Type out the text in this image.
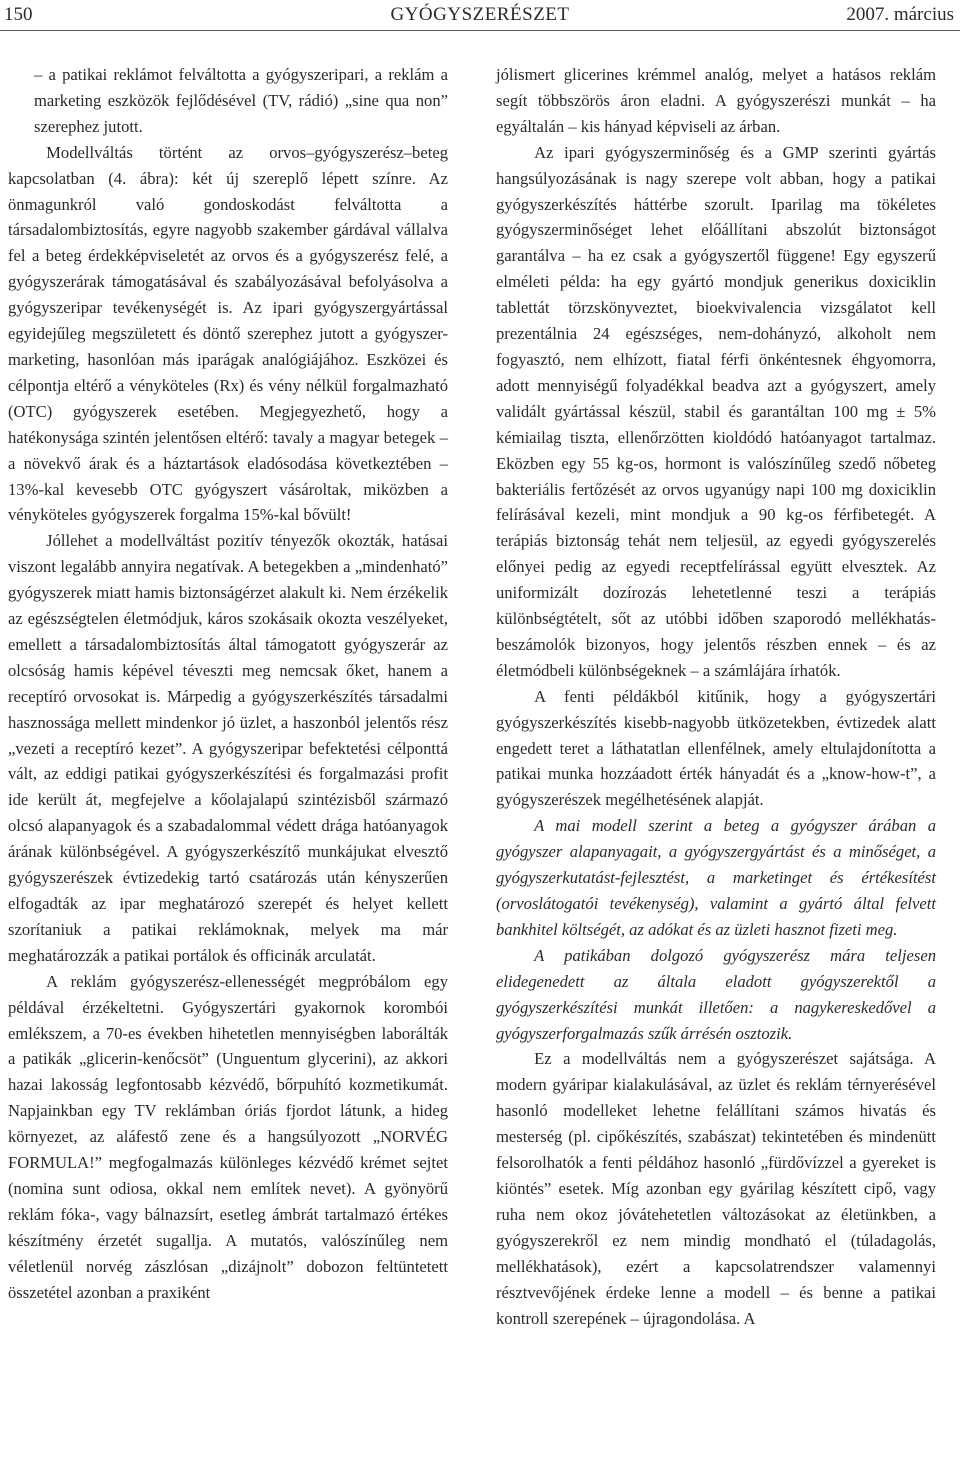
150	GYÓGYSZERÉSZET	2007. március

– a patikai reklámot felváltotta a gyógyszeripari, a reklám a marketing eszközök fejlődésével (TV, rádió) „sine qua non” szerephez jutott.

Modellváltás történt az orvos–gyógyszerész–beteg kapcsolatban (4. ábra): két új szereplő lépett színre. Az önmagunkról való gondoskodást felváltotta a társadalombiztosítás, egyre nagyobb szakember gárdával vállalva fel a beteg érdekképviseletét az orvos és a gyógyszerész felé, a gyógyszerárak támogatásával és szabályozásával befolyásolva a gyógyszeripar tevékenységét is. Az ipari gyógyszergyártással egyidejűleg megszületett és döntő szerephez jutott a gyógyszer-marketing, hasonlóan más iparágak analógiájához. Eszközei és célpontja eltérő a vényköteles (Rx) és vény nélkül forgalmazható (OTC) gyógyszerek esetében. Megjegyezhető, hogy a hatékonysága szintén jelentősen eltérő: tavaly a magyar betegek – a növekvő árak és a háztartások eladósodása következtében – 13%-kal kevesebb OTC gyógyszert vásároltak, miközben a vényköteles gyógyszerek forgalma 15%-kal bővült!

Jóllehet a modellváltást pozitív tényezők okozták, hatásai viszont legalább annyira negatívak. A betegekben a „mindenható” gyógyszerek miatt hamis biztonságérzet alakult ki. Nem érzékelik az egészségtelen életmódjuk, káros szokásaik okozta veszélyeket, emellett a társadalombiztosítás által támogatott gyógyszerár az olcsóság hamis képével téveszti meg nemcsak őket, hanem a receptíró orvosokat is. Márpedig a gyógyszerkészítés társadalmi hasznossága mellett mindenkor jó üzlet, a haszonból jelentős rész „vezeti a receptíró kezet”. A gyógyszeripar befektetési célponttá vált, az eddigi patikai gyógyszerkészítési és forgalmazási profit ide került át, megfejelve a kőolajalapú szintézisből származó olcsó alapanyagok és a szabadalommal védett drága hatóanyagok árának különbségével. A gyógyszerkészítő munkájukat elvesztő gyógyszerészek évtizedekig tartó csatározás után kényszerűen elfogadták az ipar meghatározó szerepét és helyet kellett szorítaniuk a patikai reklámoknak, melyek ma már meghatározzák a patikai portálok és officinák arculatát.

A reklám gyógyszerész-ellenességét megpróbálom egy példával érzékeltetni. Gyógyszertári gyakornok korombói emlékszem, a 70-es években hihetetlen mennyiségben laborálták a patikák „glicerin-kenőcsöt” (Unguentum glycerini), az akkori hazai lakosság legfontosabb kézvédő, bőrpuhító kozmetikumát. Napjainkban egy TV reklámban óriás fjordot látunk, a hideg környezet, az aláfestő zene és a hangsúlyozott „NORVÉG FORMULA!” megfogalmazás különleges kézvédő krémet sejtet (nomina sunt odiosa, okkal nem említek nevet). A gyönyörű reklám fóka-, vagy bálnazsírt, esetleg ámbrát tartalmazó értékes készítmény érzetét sugallja. A mutatós, valószínűleg nem véletlenül norvég zászlósan „dizájnolt” dobozon feltüntetett összetétel azonban a praxiként

jólismert glicerines krémmel analóg, melyet a hatásos reklám segít többszörös áron eladni. A gyógyszerészi munkát – ha egyáltalán – kis hányad képviseli az árban.

Az ipari gyógyszerminőség és a GMP szerinti gyártás hangsúlyozásának is nagy szerepe volt abban, hogy a patikai gyógyszerkészítés háttérbe szorult. Iparilag ma tökéletes gyógyszerminőséget lehet előállítani abszolút biztonságot garantálva – ha ez csak a gyógyszertől függene! Egy egyszerű elméleti példa: ha egy gyártó mondjuk generikus doxiciklin tablettát törzskönyveztet, bioekvivalencia vizsgálatot kell prezentálnia 24 egészséges, nem-dohányzó, alkoholt nem fogyasztó, nem elhízott, fiatal férfi önkéntesnek éhgyomorra, adott mennyiségű folyadékkal beadva azt a gyógyszert, amely validált gyártással készül, stabil és garantáltan 100 mg ± 5% kémiailag tiszta, ellenőrzötten kioldódó hatóanyagot tartalmaz. Eközben egy 55 kg-os, hormont is valószínűleg szedő nőbeteg bakteriális fertőzését az orvos ugyanúgy napi 100 mg doxiciklin felírásával kezeli, mint mondjuk a 90 kg-os férfibetegét. A terápiás biztonság tehát nem teljesül, az egyedi gyógyszerelés előnyei pedig az egyedi receptfelírással együtt elvesztek. Az uniformizált dozírozás lehetetlenné teszi a terápiás különbségtételt, sőt az utóbbi időben szaporodó mellékhatás-beszámolók bizonyos, hogy jelentős részben ennek – és az életmódbeli különbségeknek – a számlájára írhatók.

A fenti példákból kitűnik, hogy a gyógyszertári gyógyszerkészítés kisebb-nagyobb ütközetekben, évtizedek alatt engedett teret a láthatatlan ellenfélnek, amely eltulajdonította a patikai munka hozzáadott érték hányadát és a „know-how-t”, a gyógyszerészek megélhetésének alapját.

A mai modell szerint a beteg a gyógyszer árában a gyógyszer alapanyagait, a gyógyszergyártást és a minőséget, a gyógyszerkutatást-fejlesztést, a marketinget és értékesítést (orvoslátogatói tevékenység), valamint a gyártó által felvett bankhitel költségét, az adókat és az üzleti hasznot fizeti meg.

A patikában dolgozó gyógyszerész mára teljesen elidegenedett az általa eladott gyógyszerektől a gyógyszerkészítési munkát illetően: a nagykereskedővel a gyógyszerforgalmazás szűk árrésén osztozik.

Ez a modellváltás nem a gyógyszerészet sajátsága. A modern gyáripar kialakulásával, az üzlet és reklám térnyerésével hasonló modelleket lehetne felállítani számos hivatás és mesterség (pl. cipőkészítés, szabászat) tekintetében és mindenütt felsorolhatók a fenti példához hasonló „fürdővízzel a gyereket is kiöntés” esetek. Míg azonban egy gyárilag készített cipő, vagy ruha nem okoz jóvátehetetlen változásokat az életünkben, a gyógyszerekről ez nem mindig mondható el (túladagolás, mellékhatások), ezért a kapcsolatrendszer valamennyi résztvevőjének érdeke lenne a modell – és benne a patikai kontroll szerepének – újragondolása. A
